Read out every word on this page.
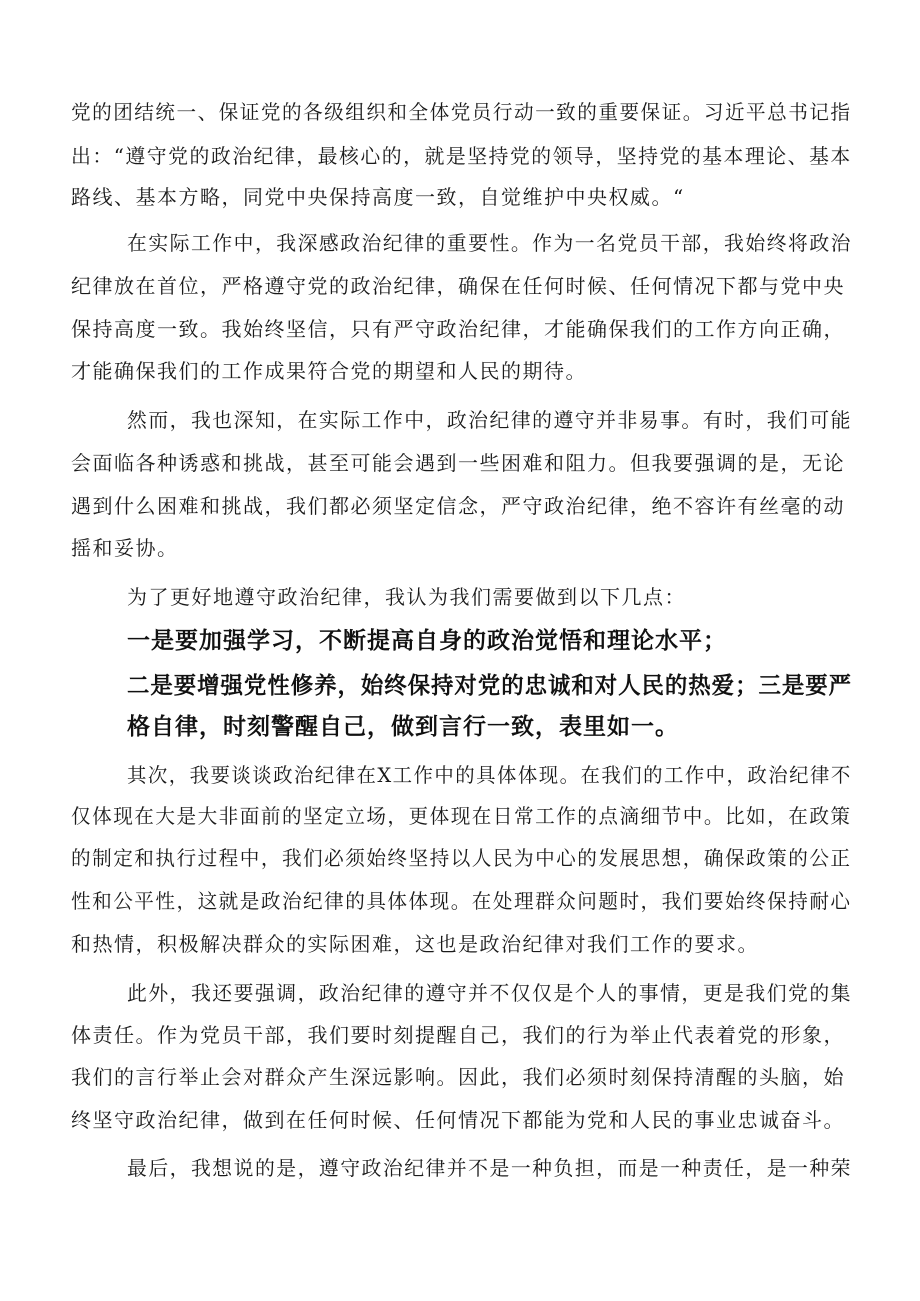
党的团结统一、保证党的各级组织和全体党员行动一致的重要保证。习近平总书记指
出：“遵守党的政治纪律，最核心的，就是坚持党的领导，坚持党的基本理论、基本
路线、基本方略，同党中央保持高度一致，自觉维护中央权威。“
在实际工作中，我深感政治纪律的重要性。作为一名党员干部，我始终将政治
纪律放在首位，严格遵守党的政治纪律，确保在任何时候、任何情况下都与党中央
保持高度一致。我始终坚信，只有严守政治纪律，才能确保我们的工作方向正确，
才能确保我们的工作成果符合党的期望和人民的期待。
然而，我也深知，在实际工作中，政治纪律的遵守并非易事。有时，我们可能
会面临各种诱惑和挑战，甚至可能会遇到一些困难和阻力。但我要强调的是，无论
遇到什么困难和挑战，我们都必须坚定信念，严守政治纪律，绝不容许有丝毫的动
摇和妥协。
为了更好地遵守政治纪律，我认为我们需要做到以下几点：
一是要加强学习，不断提高自身的政治觉悟和理论水平；
二是要增强党性修养，始终保持对党的忠诚和对人民的热爱；三是要严
格自律，时刻警醒自己，做到言行一致，表里如一。
其次，我要谈谈政治纪律在X工作中的具体体现。在我们的工作中，政治纪律不
仅体现在大是大非面前的坚定立场，更体现在日常工作的点滴细节中。比如，在政策
的制定和执行过程中，我们必须始终坚持以人民为中心的发展思想，确保政策的公正
性和公平性，这就是政治纪律的具体体现。在处理群众问题时，我们要始终保持耐心
和热情，积极解决群众的实际困难，这也是政治纪律对我们工作的要求。
此外，我还要强调，政治纪律的遵守并不仅仅是个人的事情，更是我们党的集
体责任。作为党员干部，我们要时刻提醒自己，我们的行为举止代表着党的形象，
我们的言行举止会对群众产生深远影响。因此，我们必须时刻保持清醒的头脑，始
终坚守政治纪律，做到在任何时候、任何情况下都能为党和人民的事业忠诚奋斗。
最后，我想说的是，遵守政治纪律并不是一种负担，而是一种责任，是一种荣
